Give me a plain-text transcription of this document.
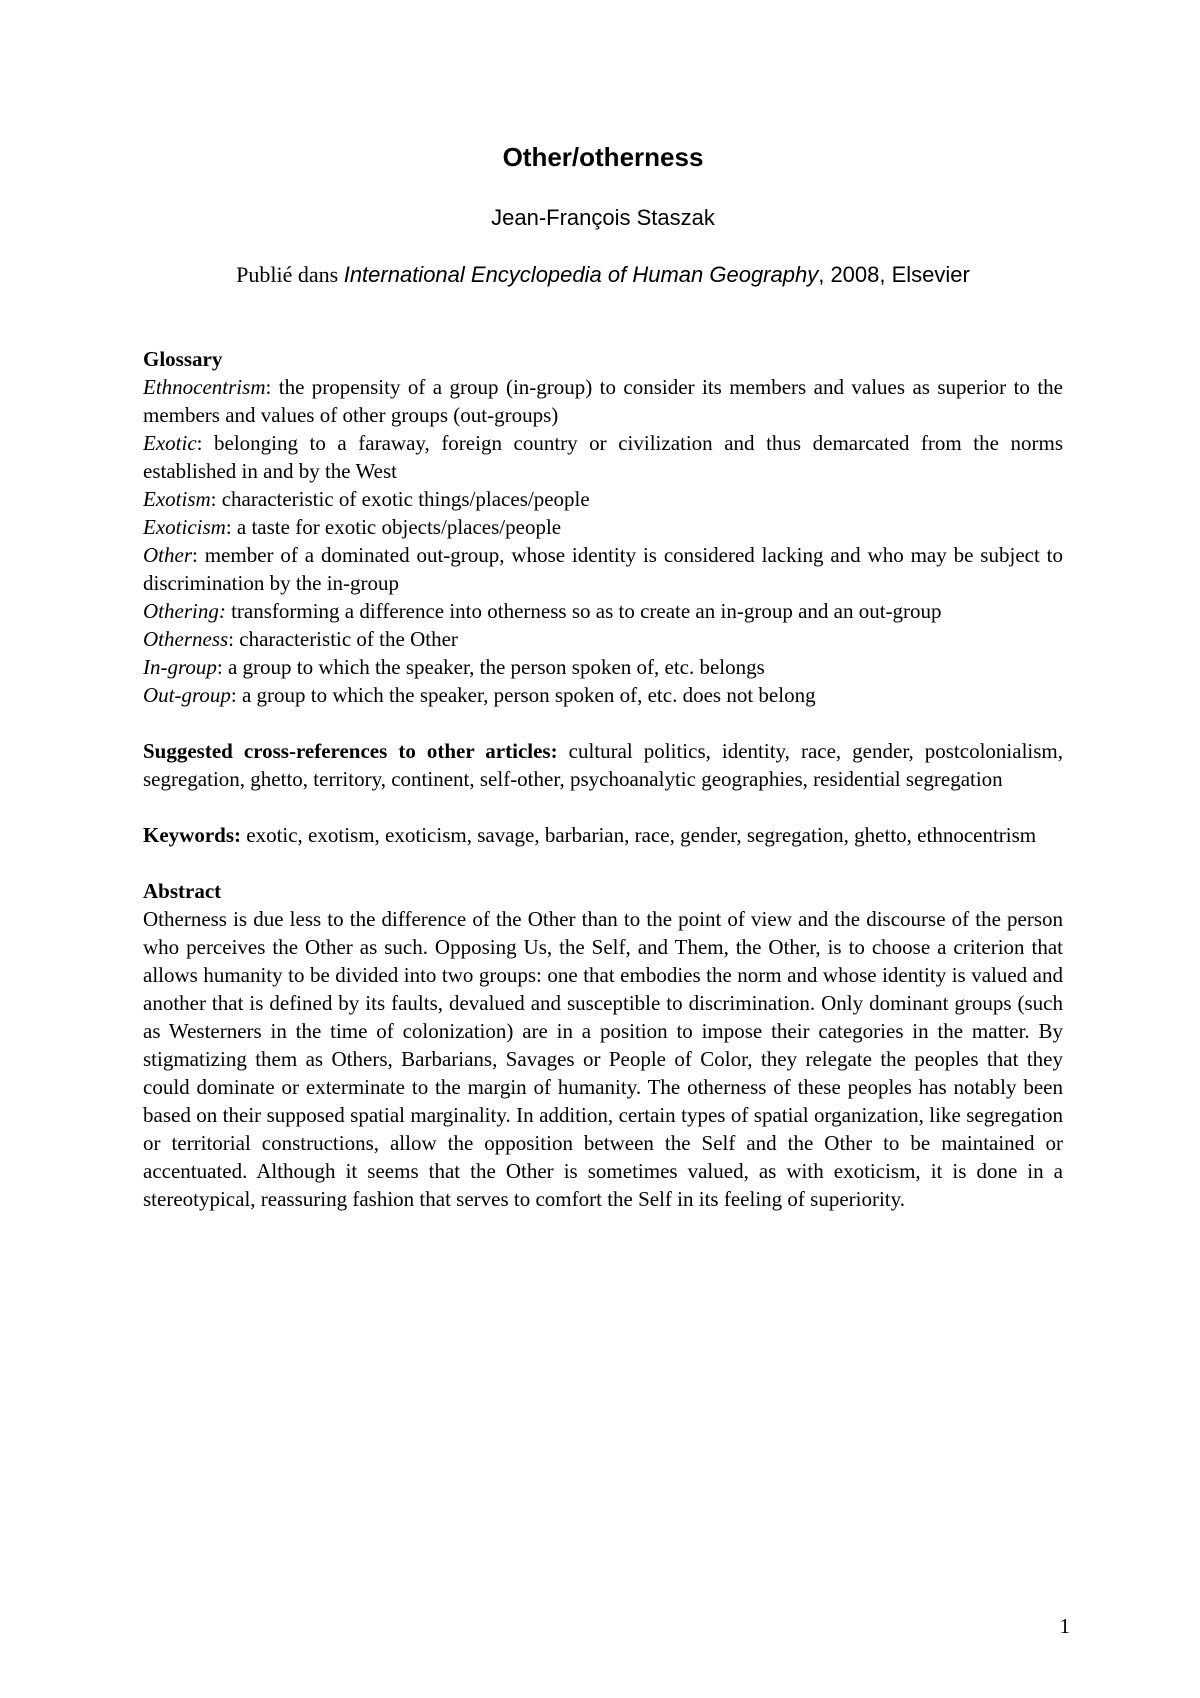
Other/otherness
Jean-François Staszak
Publié dans International Encyclopedia of Human Geography, 2008, Elsevier

Glossary

Ethnocentrism: the propensity of a group (in-group) to consider its members and values as superior to the members and values of other groups (out-groups)

Exotic: belonging to a faraway, foreign country or civilization and thus demarcated from the norms established in and by the West

Exotism: characteristic of exotic things/places/people

Exoticism: a taste for exotic objects/places/people

Other: member of a dominated out-group, whose identity is considered lacking and who may be subject to discrimination by the in-group

Othering: transforming a difference into otherness so as to create an in-group and an out-group

Otherness: characteristic of the Other

In-group: a group to which the speaker, the person spoken of, etc. belongs

Out-group: a group to which the speaker, person spoken of, etc. does not belong

Suggested cross-references to other articles: cultural politics, identity, race, gender, postcolonialism, segregation, ghetto, territory, continent, self-other, psychoanalytic geographies, residential segregation

Keywords: exotic, exotism, exoticism, savage, barbarian, race, gender, segregation, ghetto, ethnocentrism

Abstract

Otherness is due less to the difference of the Other than to the point of view and the discourse of the person who perceives the Other as such. Opposing Us, the Self, and Them, the Other, is to choose a criterion that allows humanity to be divided into two groups: one that embodies the norm and whose identity is valued and another that is defined by its faults, devalued and susceptible to discrimination. Only dominant groups (such as Westerners in the time of colonization) are in a position to impose their categories in the matter. By stigmatizing them as Others, Barbarians, Savages or People of Color, they relegate the peoples that they could dominate or exterminate to the margin of humanity. The otherness of these peoples has notably been based on their supposed spatial marginality. In addition, certain types of spatial organization, like segregation or territorial constructions, allow the opposition between the Self and the Other to be maintained or accentuated. Although it seems that the Other is sometimes valued, as with exoticism, it is done in a stereotypical, reassuring fashion that serves to comfort the Self in its feeling of superiority.

1
